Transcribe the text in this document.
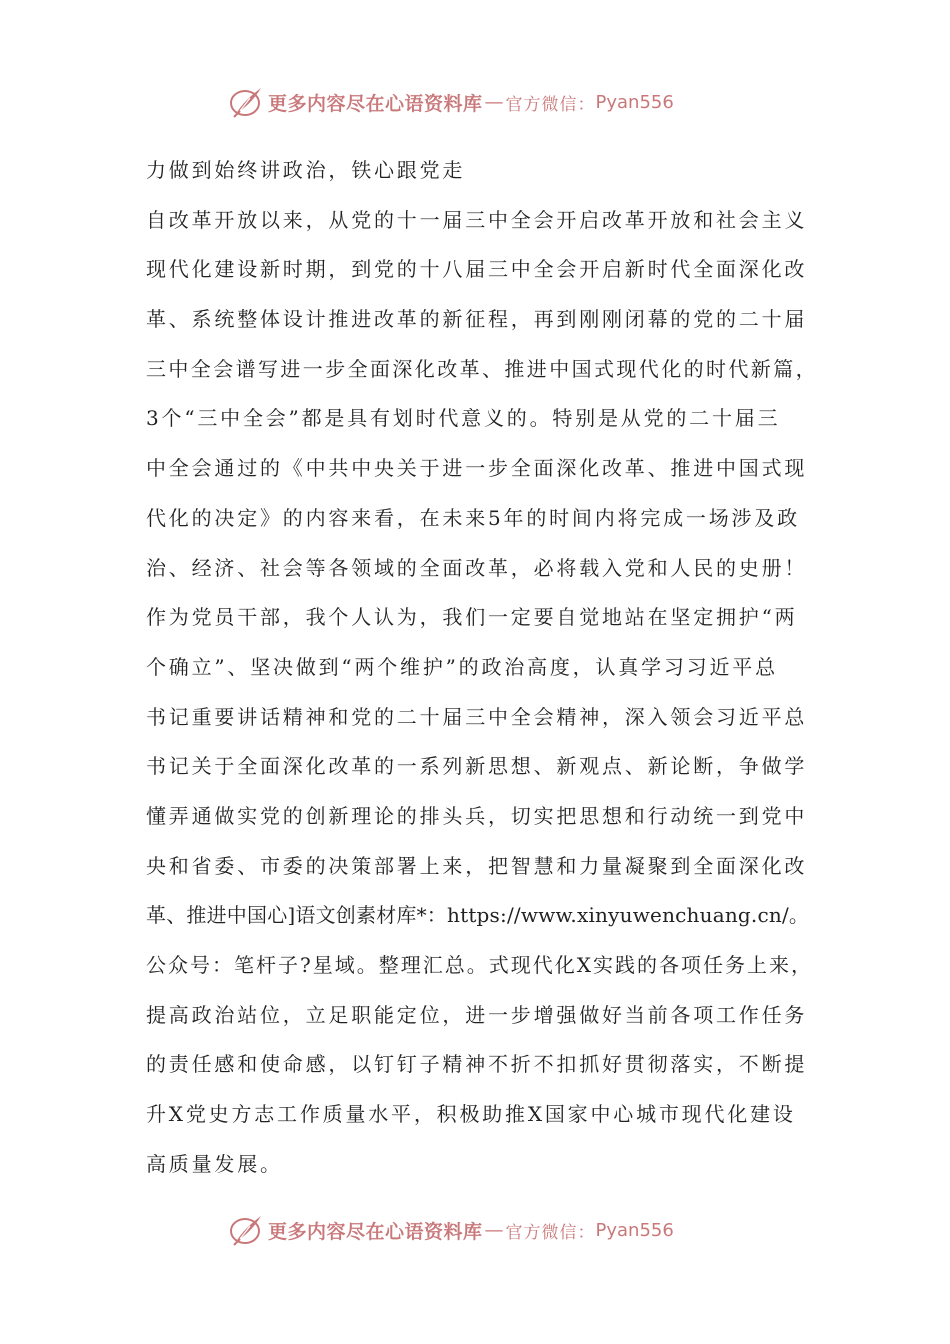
更多内容尽在心语资料库 — 官方微信： Pyan556
力做到始终讲政治，铁心跟党走
自改革开放以来，从党的十一届三中全会开启改革开放和社会主义
现代化建设新时期，到党的十八届三中全会开启新时代全面深化改
革、系统整体设计推进改革的新征程，再到刚刚闭幕的党的二十届
三中全会谱写进一步全面深化改革、推进中国式现代化的时代新篇，
3个“三中全会”都是具有划时代意义的。特别是从党的二十届三
中全会通过的《中共中央关于进一步全面深化改革、推进中国式现
代化的决定》的内容来看，在未来5年的时间内将完成一场涉及政
治、经济、社会等各领域的全面改革，必将载入党和人民的史册！
作为党员干部，我个人认为，我们一定要自觉地站在坚定拥护“两
个确立”、坚决做到“两个维护”的政治高度，认真学习习近平总
书记重要讲话精神和党的二十届三中全会精神，深入领会习近平总
书记关于全面深化改革的一系列新思想、新观点、新论断，争做学
懂弄通做实党的创新理论的排头兵，切实把思想和行动统一到党中
央和省委、市委的决策部署上来，把智慧和力量凝聚到全面深化改
革、推进中国心]语文创素材库*：https://www.xinyuwenchuang.cn/。
公众号：笔杆子?星域。整理汇总。式现代化X实践的各项任务上来，
提高政治站位，立足职能定位，进一步增强做好当前各项工作任务
的责任感和使命感，以钉钉子精神不折不扣抓好贯彻落实，不断提
升X党史方志工作质量水平，积极助推X国家中心城市现代化建设
高质量发展。
更多内容尽在心语资料库 — 官方微信： Pyan556
